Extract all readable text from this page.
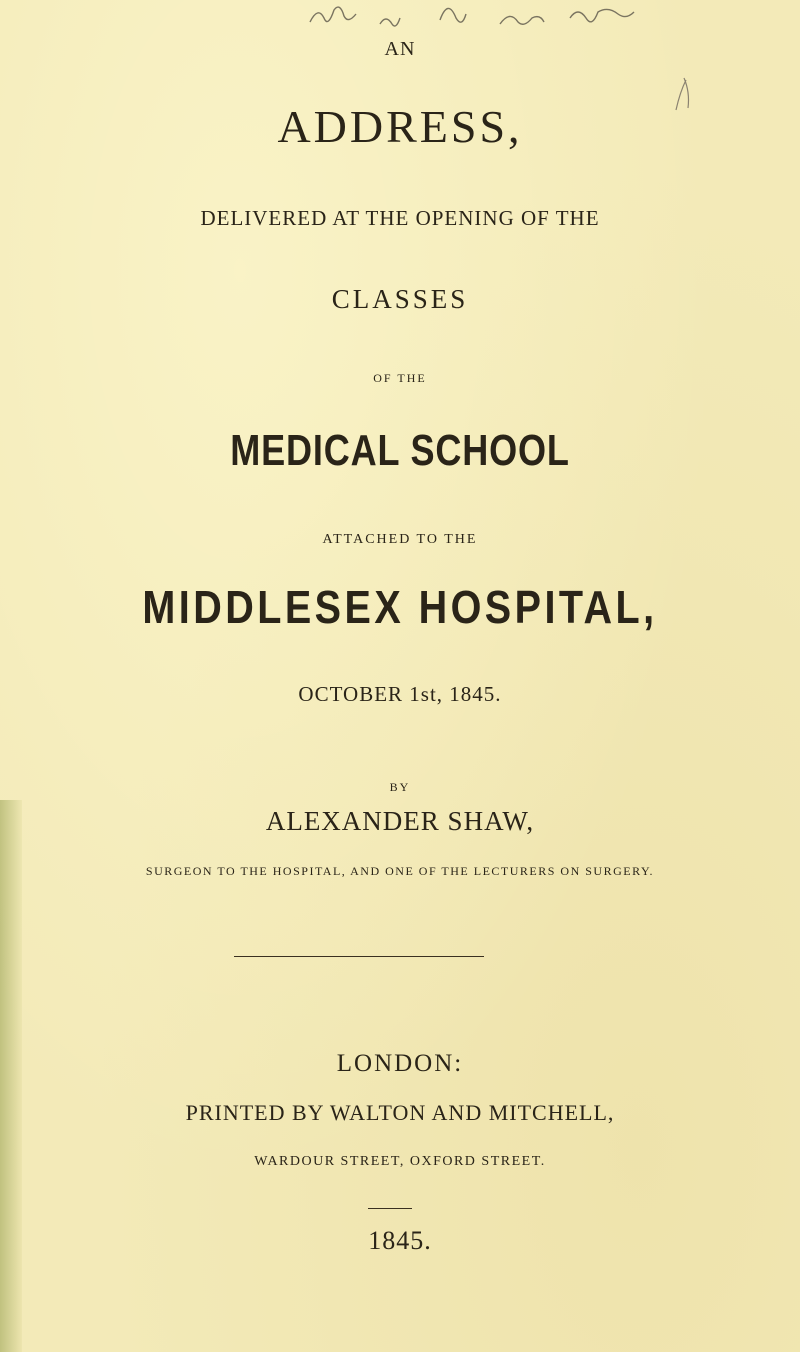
AN
ADDRESS,
DELIVERED AT THE OPENING OF THE
CLASSES
OF THE
MEDICAL SCHOOL
ATTACHED TO THE
MIDDLESEX HOSPITAL,
OCTOBER 1st, 1845.
BY
ALEXANDER SHAW,
SURGEON TO THE HOSPITAL, AND ONE OF THE LECTURERS ON SURGERY.
LONDON:
PRINTED BY WALTON AND MITCHELL,
WARDOUR STREET, OXFORD STREET.
1845.
